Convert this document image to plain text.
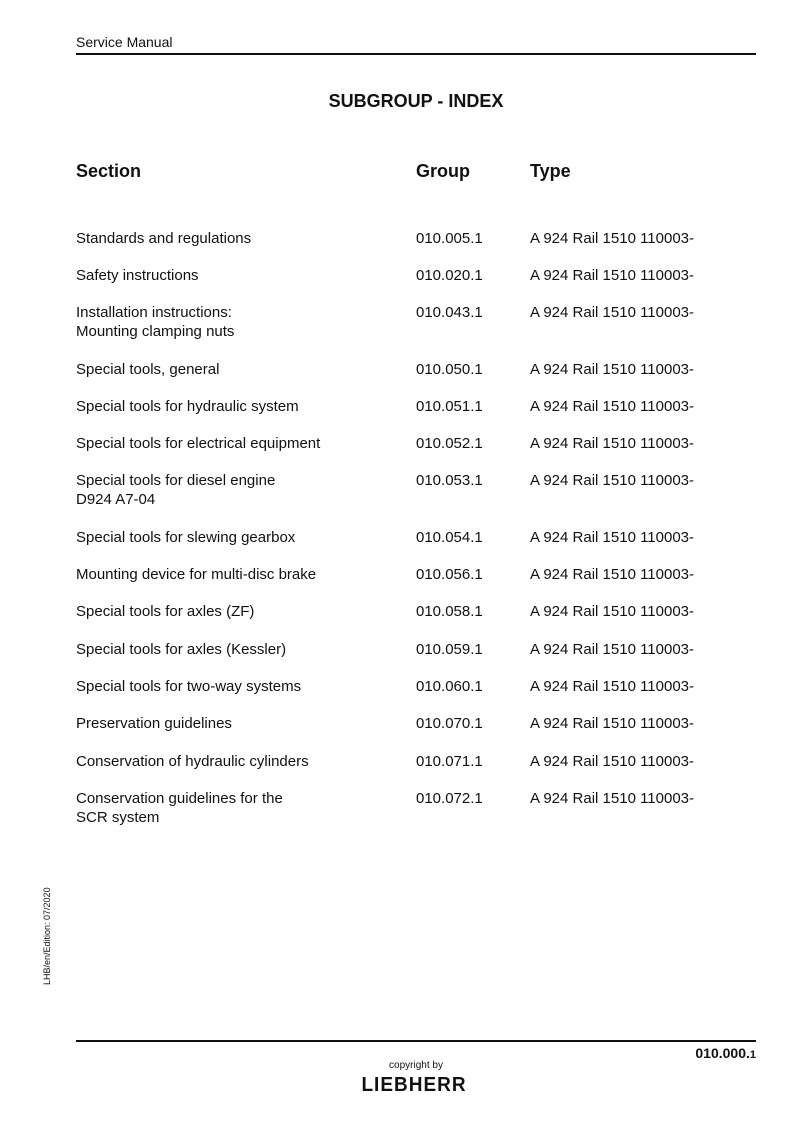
Service Manual
SUBGROUP - INDEX
Section	Group	Type
Standards and regulations	010.005.1	A 924 Rail 1510 110003-
Safety instructions	010.020.1	A 924 Rail 1510 110003-
Installation instructions:
Mounting clamping nuts
010.043.1	A 924 Rail 1510 110003-
Special tools, general	010.050.1	A 924 Rail 1510 110003-
Special tools for hydraulic system	010.051.1	A 924 Rail 1510 110003-
Special tools for electrical equipment	010.052.1	A 924 Rail 1510 110003-
Special tools for diesel engine
D924 A7-04
010.053.1	A 924 Rail 1510 110003-
Special tools for slewing gearbox	010.054.1	A 924 Rail 1510 110003-
Mounting device for multi-disc brake	010.056.1	A 924 Rail 1510 110003-
Special tools for axles (ZF)	010.058.1	A 924 Rail 1510 110003-
Special tools for axles (Kessler)	010.059.1	A 924 Rail 1510 110003-
Special tools for two-way systems	010.060.1	A 924 Rail 1510 110003-
Preservation guidelines	010.070.1	A 924 Rail 1510 110003-
Conservation of hydraulic cylinders	010.071.1	A 924 Rail 1510 110003-
Conservation guidelines for the
SCR system
010.072.1	A 924 Rail 1510 110003-
LHB/en/Edition: 07/2020
010.000.1
copyright by
LIEBHERR
